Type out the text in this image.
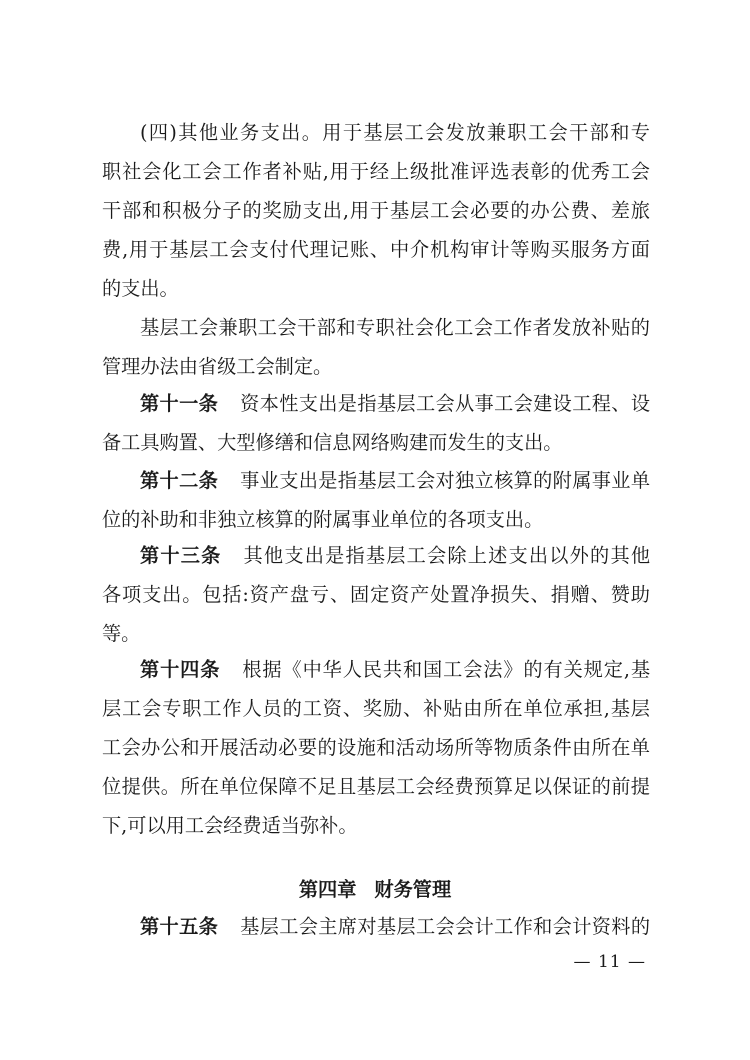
(四)其他业务支出。用于基层工会发放兼职工会干部和专
职社会化工会工作者补贴,用于经上级批准评选表彰的优秀工会
干部和积极分子的奖励支出,用于基层工会必要的办公费、差旅
费,用于基层工会支付代理记账、中介机构审计等购买服务方面
的支出。
基层工会兼职工会干部和专职社会化工会工作者发放补贴的
管理办法由省级工会制定。
第十一条 资本性支出是指基层工会从事工会建设工程、设
备工具购置、大型修缮和信息网络购建而发生的支出。
第十二条 事业支出是指基层工会对独立核算的附属事业单
位的补助和非独立核算的附属事业单位的各项支出。
第十三条 其他支出是指基层工会除上述支出以外的其他
各项支出。包括:资产盘亏、固定资产处置净损失、捐赠、赞助
等。
第十四条 根据《中华人民共和国工会法》的有关规定,基
层工会专职工作人员的工资、奖励、补贴由所在单位承担,基层
工会办公和开展活动必要的设施和活动场所等物质条件由所在单
位提供。所在单位保障不足且基层工会经费预算足以保证的前提
下,可以用工会经费适当弥补。
第四章 财务管理
第十五条 基层工会主席对基层工会会计工作和会计资料的
— 11 —
